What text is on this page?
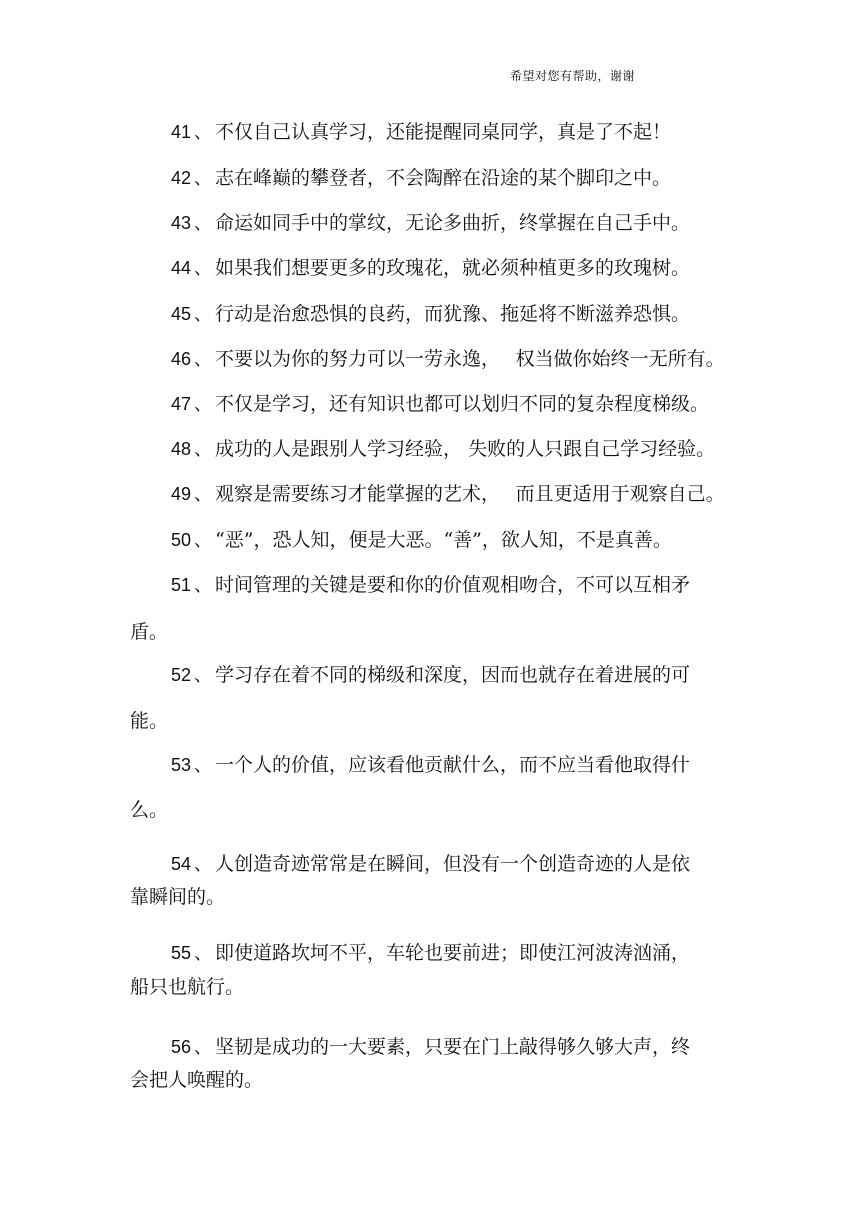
希望对您有帮助，谢谢
41 、 不仅自己认真学习，还能提醒同桌同学，真是了不起！
42 、 志在峰巅的攀登者，不会陶醉在沿途的某个脚印之中。
43 、 命运如同手中的掌纹，无论多曲折，终掌握在自己手中。
44 、 如果我们想要更多的玫瑰花，就必须种植更多的玫瑰树。
45 、 行动是治愈恐惧的良药，而犹豫、拖延将不断滋养恐惧。
46 、 不要以为你的努力可以一劳永逸，　 权当做你始终一无所有。
47 、 不仅是学习，还有知识也都可以划归不同的复杂程度梯级。
48 、 成功的人是跟别人学习经验， 失败的人只跟自己学习经验。
49 、 观察是需要练习才能掌握的艺术，　 而且更适用于观察自己。
50 、 “恶”，恐人知，便是大恶。“善”，欲人知，不是真善。
51 、 时间管理的关键是要和你的价值观相吻合，不可以互相矛
盾。
52 、 学习存在着不同的梯级和深度，因而也就存在着进展的可
能。
53 、 一个人的价值，应该看他贡献什么，而不应当看他取得什
么。
54 、 人创造奇迹常常是在瞬间，但没有一个创造奇迹的人是依
靠瞬间的。
55 、 即使道路坎坷不平，车轮也要前进；即使江河波涛汹涌，
船只也航行。
56 、 坚韧是成功的一大要素，只要在门上敲得够久够大声，终
会把人唤醒的。
